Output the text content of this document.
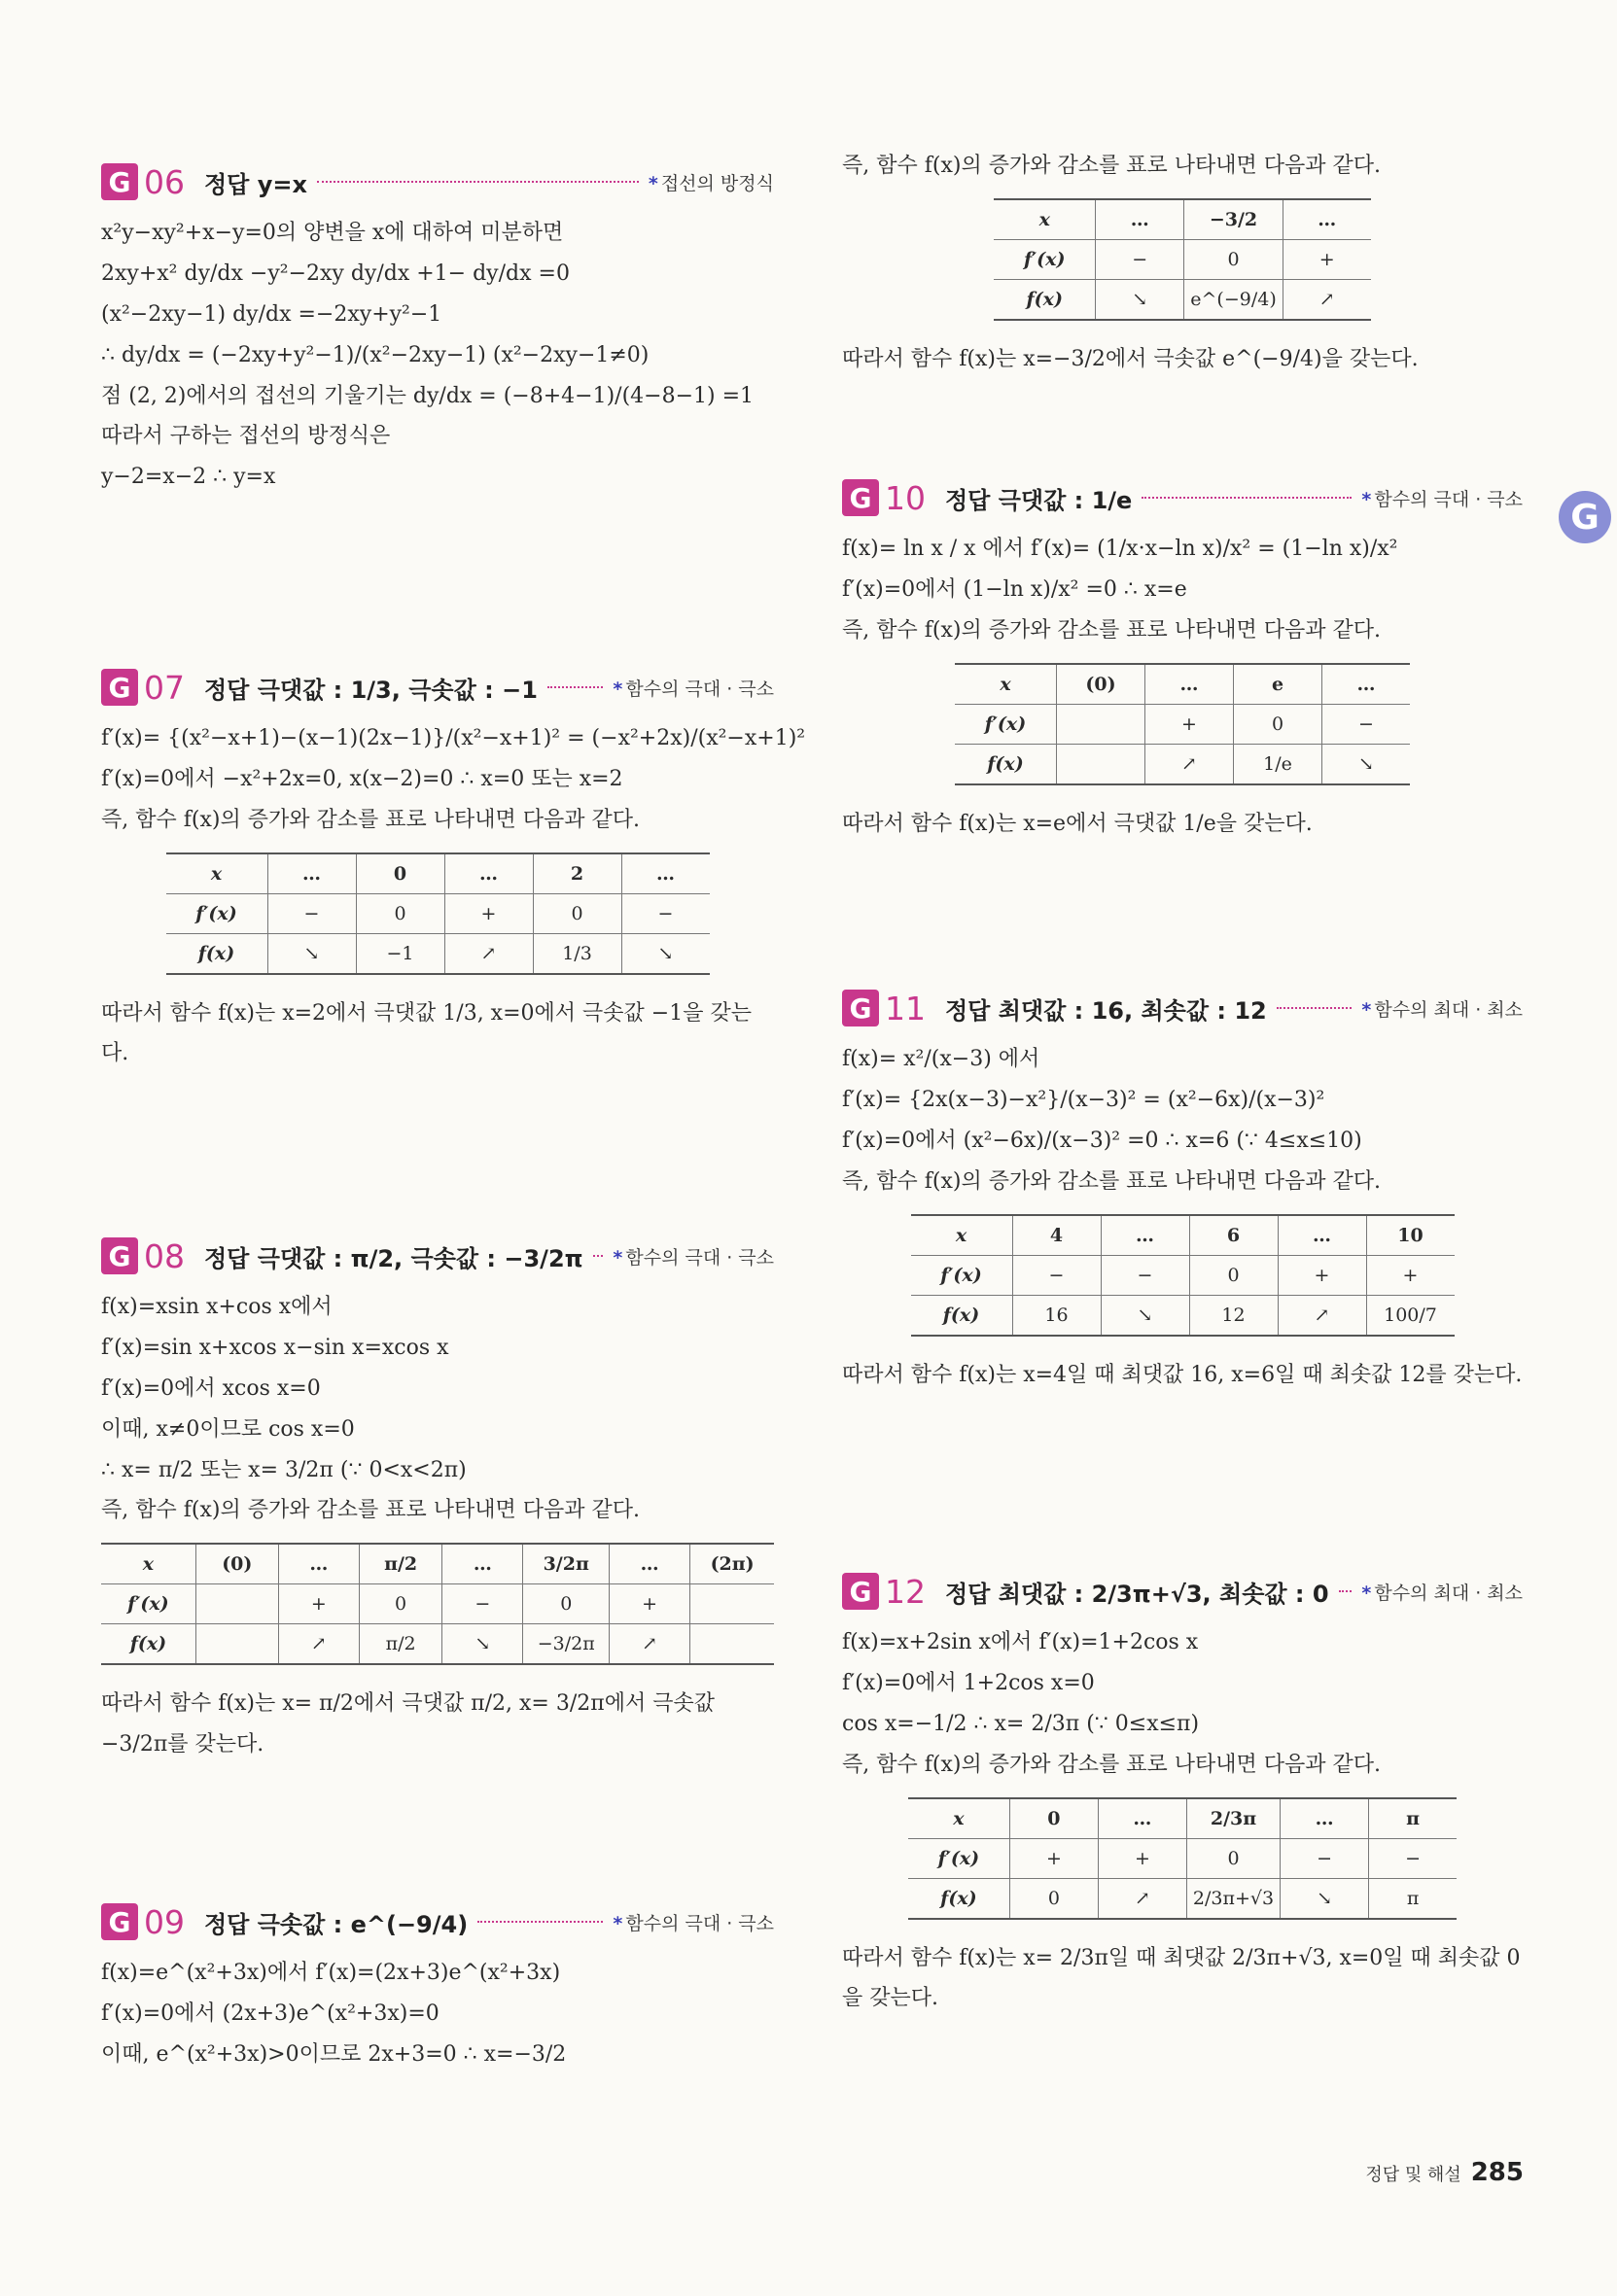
G 06 정답 y=x	* 접선의 방정식
x²y−xy²+x−y=0의 양변을 x에 대하여 미분하면
2xy+x² dy/dx −y²−2xy dy/dx +1− dy/dx =0
(x²−2xy−1) dy/dx =−2xy+y²−1
∴ dy/dx = (−2xy+y²−1)/(x²−2xy−1) (x²−2xy−1≠0)
점 (2, 2)에서의 접선의 기울기는 dy/dx = (−8+4−1)/(4−8−1) =1
따라서 구하는 접선의 방정식은
y−2=x−2 ∴ y=x
G 07 정답 극댓값 : 1/3, 극솟값 : −1	* 함수의 극대 · 극소
f′(x)= {(x²−x+1)−(x−1)(2x−1)}/(x²−x+1)² = (−x²+2x)/(x²−x+1)²
f′(x)=0에서 −x²+2x=0, x(x−2)=0 ∴ x=0 또는 x=2
즉, 함수 f(x)의 증가와 감소를 표로 나타내면 다음과 같다.
x	…	0	…	2	…
f′(x)	−	0	+	0	−
f(x)	↘	−1	↗	1/3	↘
따라서 함수 f(x)는 x=2에서 극댓값 1/3, x=0에서 극솟값 −1을 갖는다.
G 08 정답 극댓값 : π/2, 극솟값 : −3/2π * 함수의 극대 · 극소
f(x)=xsin x+cos x에서
f′(x)=sin x+xcos x−sin x=xcos x
f′(x)=0에서 xcos x=0
이때, x≠0이므로 cos x=0
∴ x= π/2 또는 x= 3/2π (∵ 0<x<2π)
즉, 함수 f(x)의 증가와 감소를 표로 나타내면 다음과 같다.
x	(0)	…	π/2	…	3/2π	…	(2π)
f′(x)		+	0	−	0	+	
f(x)		↗	π/2	↘	−3/2π	↗	
따라서 함수 f(x)는 x= π/2에서 극댓값 π/2, x= 3/2π에서 극솟값 −3/2π를 갖는다.
G 09 정답 극솟값 : e^(−9/4)	* 함수의 극대 · 극소
f(x)=e^(x²+3x)에서 f′(x)=(2x+3)e^(x²+3x)
f′(x)=0에서 (2x+3)e^(x²+3x)=0
이때, e^(x²+3x)>0이므로 2x+3=0 ∴ x=−3/2
즉, 함수 f(x)의 증가와 감소를 표로 나타내면 다음과 같다.
x	…	−3/2	…
f′(x)	−	0	+
f(x)	↘	e^(−9/4)	↗
따라서 함수 f(x)는 x=−3/2에서 극솟값 e^(−9/4)을 갖는다.
G 10 정답 극댓값 : 1/e	* 함수의 극대 · 극소
f(x)= ln x / x 에서 f′(x)= (1/x·x−ln x)/x² = (1−ln x)/x²
f′(x)=0에서 (1−ln x)/x² =0 ∴ x=e
즉, 함수 f(x)의 증가와 감소를 표로 나타내면 다음과 같다.
x	(0)	…	e	…
f′(x)		+	0	−
f(x)		↗	1/e	↘
따라서 함수 f(x)는 x=e에서 극댓값 1/e을 갖는다.
G 11 정답 최댓값 : 16, 최솟값 : 12	* 함수의 최대 · 최소
f(x)= x²/(x−3) 에서
f′(x)= {2x(x−3)−x²}/(x−3)² = (x²−6x)/(x−3)²
f′(x)=0에서 (x²−6x)/(x−3)² =0 ∴ x=6 (∵ 4≤x≤10)
즉, 함수 f(x)의 증가와 감소를 표로 나타내면 다음과 같다.
x	4	…	6	…	10
f′(x)	−	−	0	+	+
f(x)	16	↘	12	↗	100/7
따라서 함수 f(x)는 x=4일 때 최댓값 16, x=6일 때 최솟값 12를 갖는다.
G 12 정답 최댓값 : 2/3π+√3, 최솟값 : 0 * 함수의 최대 · 최소
f(x)=x+2sin x에서 f′(x)=1+2cos x
f′(x)=0에서 1+2cos x=0
cos x=−1/2 ∴ x= 2/3π (∵ 0≤x≤π)
즉, 함수 f(x)의 증가와 감소를 표로 나타내면 다음과 같다.
x	0	…	2/3π	…	π
f′(x)	+	+	0	−	−
f(x)	0	↗	2/3π+√3	↘	π
따라서 함수 f(x)는 x= 2/3π일 때 최댓값 2/3π+√3, x=0일 때 최솟값 0을 갖는다.
G
정답 및 해설 285
